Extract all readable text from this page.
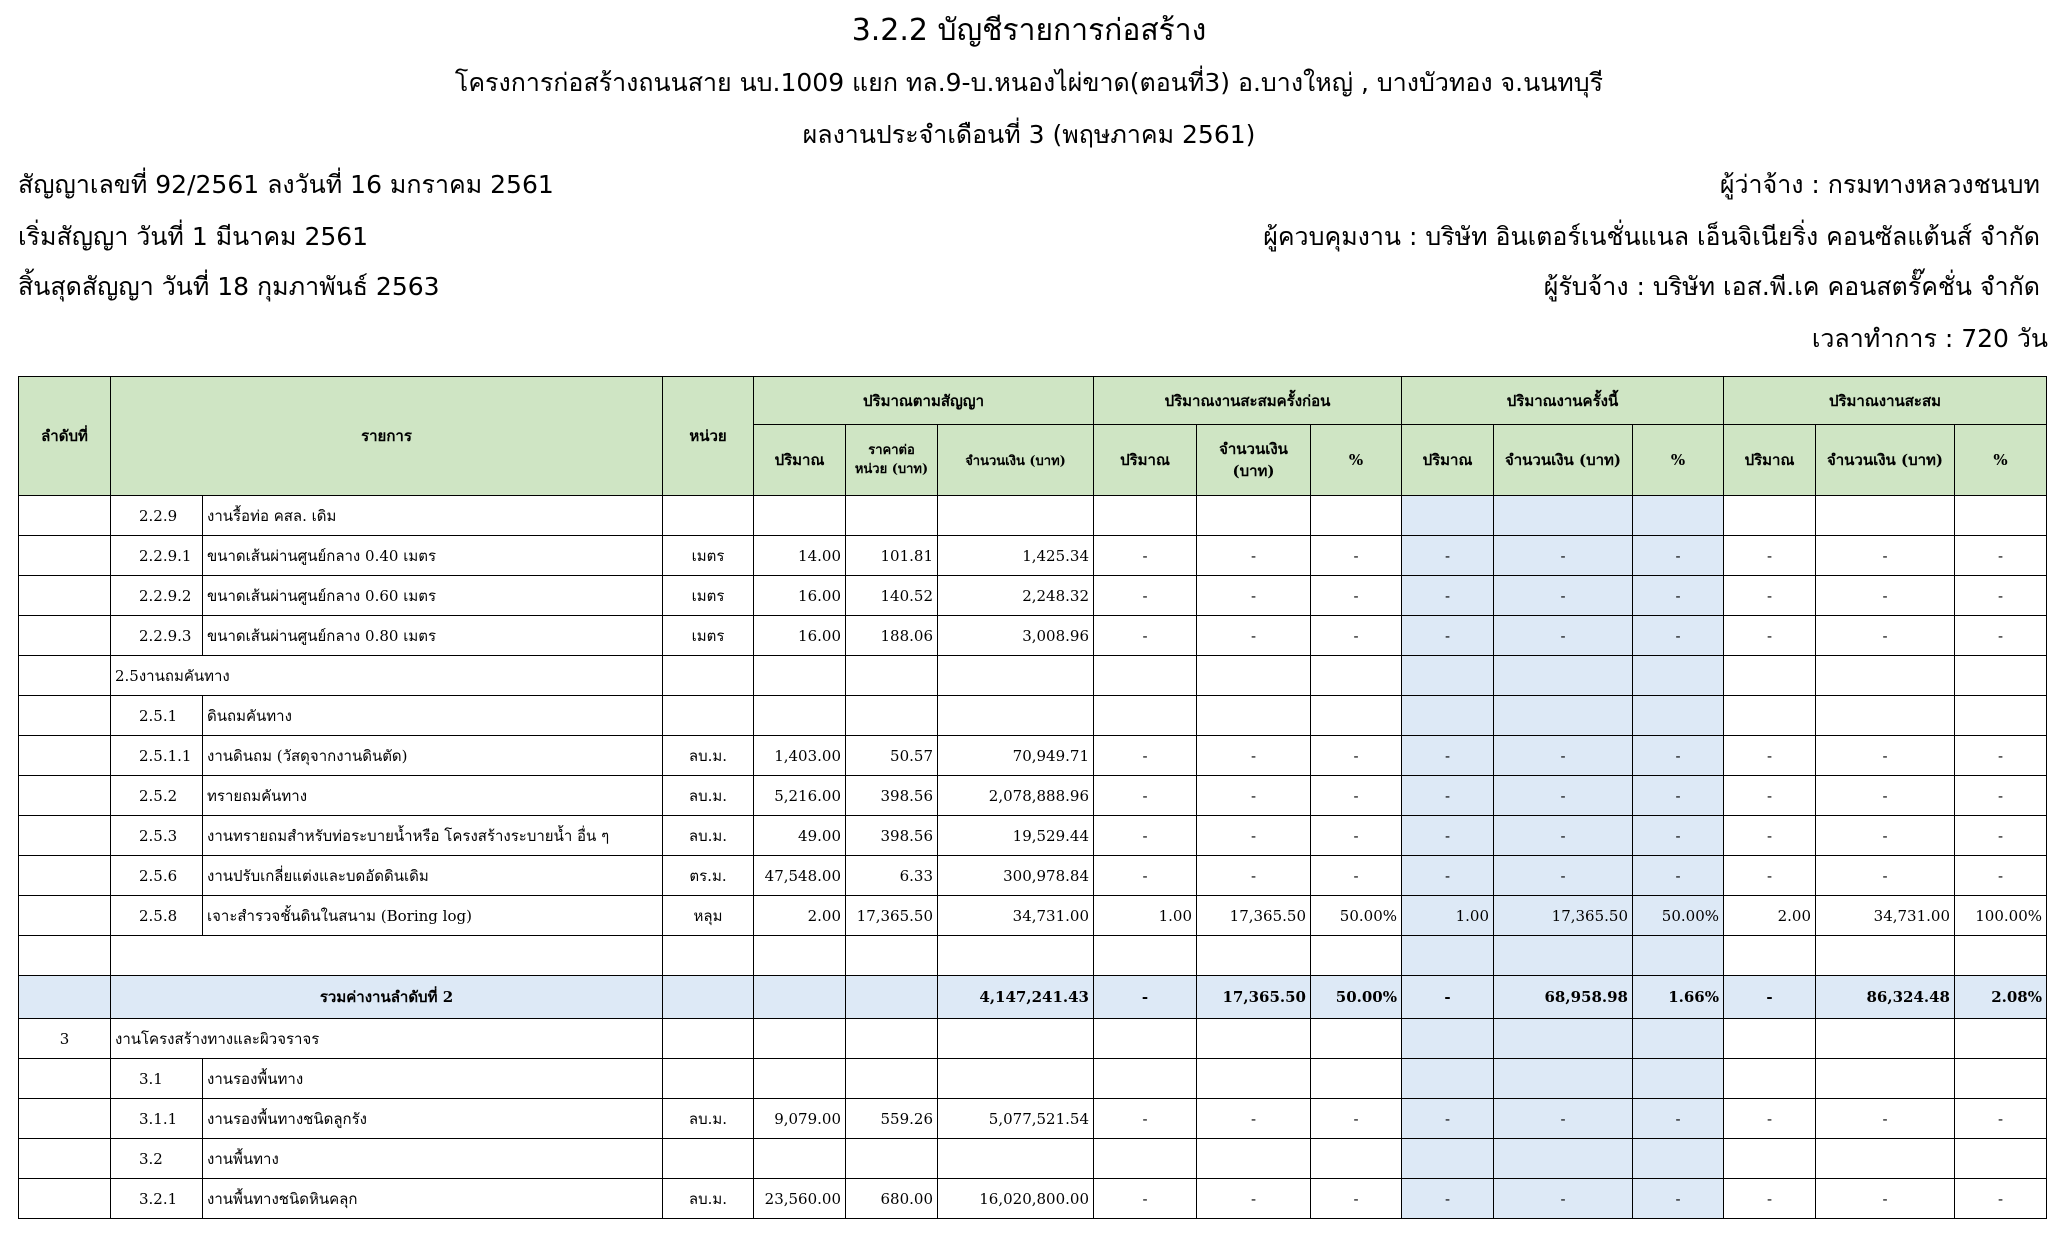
3.2.2 บัญชีรายการก่อสร้าง
โครงการก่อสร้างถนนสาย นบ.1009 แยก ทล.9-บ.หนองไผ่ขาด(ตอนที่3) อ.บางใหญ่ , บางบัวทอง จ.นนทบุรี
ผลงานประจำเดือนที่ 3 (พฤษภาคม 2561)
สัญญาเลขที่ 92/2561 ลงวันที่ 16 มกราคม 2561
เริ่มสัญญา วันที่ 1 มีนาคม 2561
สิ้นสุดสัญญา วันที่ 18 กุมภาพันธ์ 2563
ผู้ว่าจ้าง : กรมทางหลวงชนบท
ผู้ควบคุมงาน : บริษัท อินเตอร์เนชั่นแนล เอ็นจิเนียริ่ง คอนซัลแต้นส์ จำกัด
ผู้รับจ้าง : บริษัท เอส.พี.เค คอนสตรั๊คชั่น จำกัด
เวลาทำการ : 720 วัน
ลำดับที่	รายการ		หน่วย	ปริมาณตามสัญญา			ปริมาณงานสะสมครั้งก่อน			ปริมาณงานครั้งนี้			ปริมาณงานสะสม		
				ปริมาณ	ราคาต่อ หน่วย (บาท)	จำนวนเงิน (บาท)	ปริมาณ	จำนวนเงิน (บาท)	%	ปริมาณ	จำนวนเงิน (บาท)	%	ปริมาณ	จำนวนเงิน (บาท)	%
	2.2.9	งานรื้อท่อ คสล. เดิม													
	2.2.9.1	ขนาดเส้นผ่านศูนย์กลาง 0.40 เมตร	เมตร	14.00	101.81	1,425.34	-	-	-	-	-	-	-	-	-
	2.2.9.2	ขนาดเส้นผ่านศูนย์กลาง 0.60 เมตร	เมตร	16.00	140.52	2,248.32	-	-	-	-	-	-	-	-	-
	2.2.9.3	ขนาดเส้นผ่านศูนย์กลาง 0.80 เมตร	เมตร	16.00	188.06	3,008.96	-	-	-	-	-	-	-	-	-
	2.5งานถมคันทาง														
	2.5.1	ดินถมคันทาง													
	2.5.1.1	งานดินถม (วัสดุจากงานดินตัด)	ลบ.ม.	1,403.00	50.57	70,949.71	-	-	-	-	-	-	-	-	-
	2.5.2	ทรายถมคันทาง	ลบ.ม.	5,216.00	398.56	2,078,888.96	-	-	-	-	-	-	-	-	-
	2.5.3	งานทรายถมสำหรับท่อระบายน้ำหรือ โครงสร้างระบายน้ำ อื่น ๆ	ลบ.ม.	49.00	398.56	19,529.44	-	-	-	-	-	-	-	-	-
	2.5.6	งานปรับเกลี่ยแต่งและบดอัดดินเดิม	ตร.ม.	47,548.00	6.33	300,978.84	-	-	-	-	-	-	-	-	-
	2.5.8	เจาะสำรวจชั้นดินในสนาม (Boring log)	หลุม	2.00	17,365.50	34,731.00	1.00	17,365.50	50.00%	1.00	17,365.50	50.00%	2.00	34,731.00	100.00%

	รวมค่างานลำดับที่ 2					4,147,241.43	-	17,365.50	50.00%	-	68,958.98	1.66%	-	86,324.48	2.08%
3	งานโครงสร้างทางและผิวจราจร														
	3.1	งานรองพื้นทาง													
	3.1.1	งานรองพื้นทางชนิดลูกรัง	ลบ.ม.	9,079.00	559.26	5,077,521.54	-	-	-	-	-	-	-	-	-
	3.2	งานพื้นทาง													
	3.2.1	งานพื้นทางชนิดหินคลุก	ลบ.ม.	23,560.00	680.00	16,020,800.00	-	-	-	-	-	-	-	-	-
